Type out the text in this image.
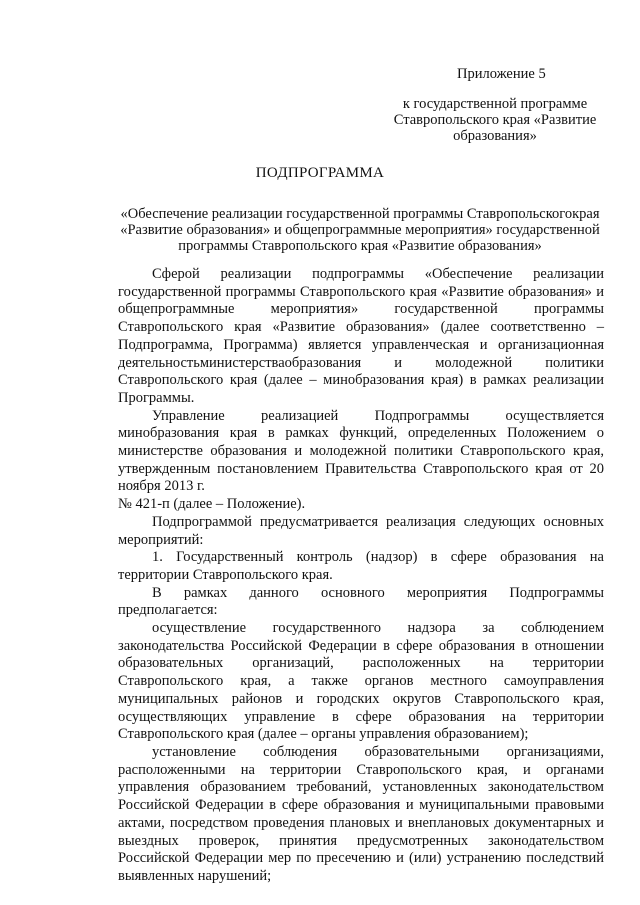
Приложение 5
к государственной программе Ставропольского края «Развитие образования»
ПОДПРОГРАММА
«Обеспечение реализации государственной программы Ставропольскогокрая «Развитие образования» и общепрограммные мероприятия» государственной программы Ставропольского края «Развитие образования»

Сферой реализации подпрограммы «Обеспечение реализации государственной программы Ставропольского края «Развитие образования» и общепрограммные мероприятия» государственной программы Ставропольского края «Развитие образования» (далее соответственно – Подпрограмма, Программа) является управленческая и организационная деятельностьминистерстваобразования и молодежной политики Ставропольского края (далее – минобразования края) в рамках реализации Программы.

Управление реализацией Подпрограммы осуществляется минобразования края в рамках функций, определенных Положением о министерстве образования и молодежной политики Ставропольского края, утвержденным постановлением Правительства Ставропольского края от 20 ноября 2013 г.

№ 421-п (далее – Положение).

Подпрограммой предусматривается реализация следующих основных мероприятий:

1. Государственный контроль (надзор) в сфере образования на территории Ставропольского края.

В рамках данного основного мероприятия Подпрограммы предполагается:

осуществление государственного надзора за соблюдением законодательства Российской Федерации в сфере образования в отношении образовательных организаций, расположенных на территории Ставропольского края, а также органов местного самоуправления муниципальных районов и городских округов Ставропольского края, осуществляющих управление в сфере образования на территории Ставропольского края (далее – органы управления образованием);

установление соблюдения образовательными организациями, расположенными на территории Ставропольского края, и органами управления образованием требований, установленных законодательством Российской Федерации в сфере образования и муниципальными правовыми актами, посредством проведения плановых и внеплановых документарных и выездных проверок, принятия предусмотренных законодательством Российской Федерации мер по пресечению и (или) устранению последствий выявленных нарушений;
